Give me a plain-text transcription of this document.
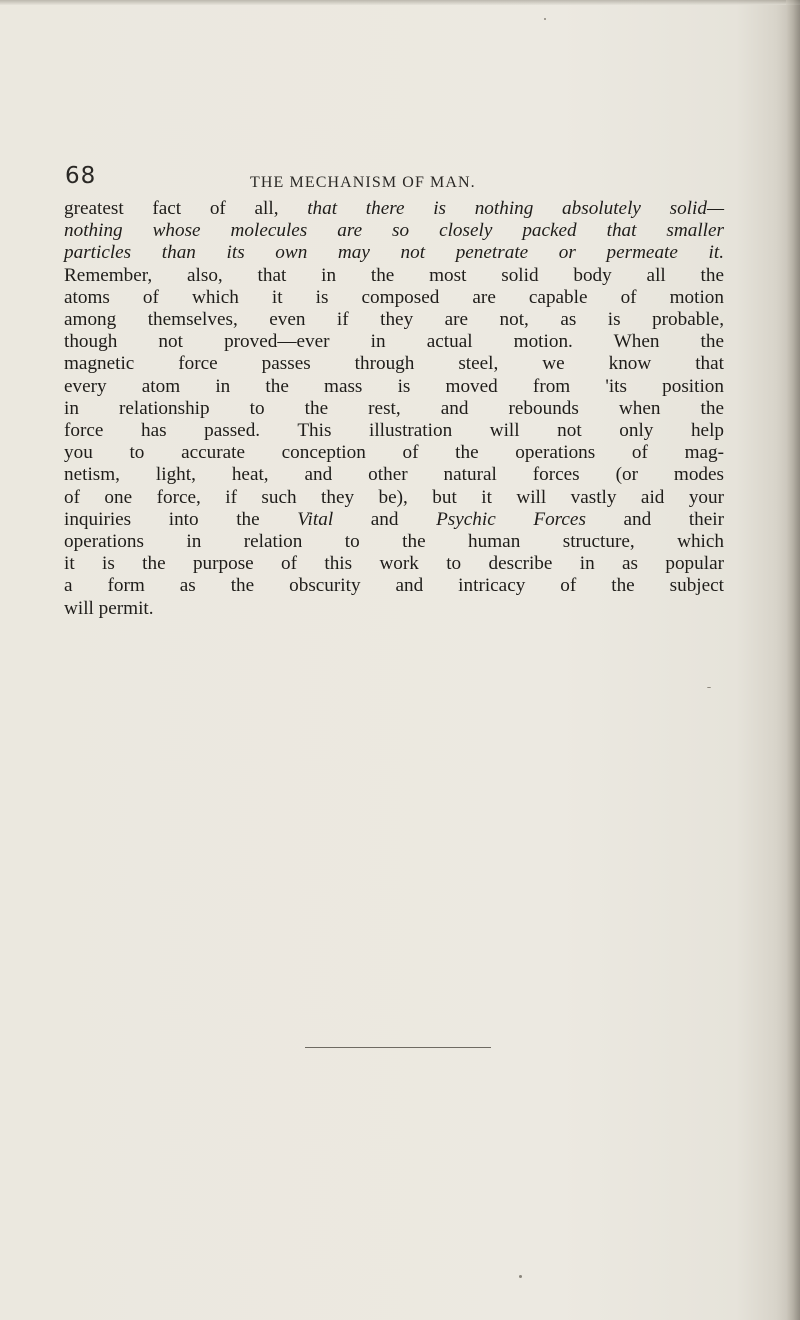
68	THE MECHANISM OF MAN.
greatest fact of all, that there is nothing absolutely solid—
nothing whose molecules are so closely packed that smaller
particles than its own may not penetrate or permeate it.
Remember, also, that in the most solid body all the
atoms of which it is composed are capable of motion
among themselves, even if they are not, as is probable,
though not proved—ever in actual motion. When the
magnetic force passes through steel, we know that
every atom in the mass is moved from 'its position
in relationship to the rest, and rebounds when the
force has passed. This illustration will not only help
you to accurate conception of the operations of mag-
netism, light, heat, and other natural forces (or modes
of one force, if such they be), but it will vastly aid your
inquiries into the Vital and Psychic Forces and their
operations in relation to the human structure, which
it is the purpose of this work to describe in as popular
a form as the obscurity and intricacy of the subject
will permit.
